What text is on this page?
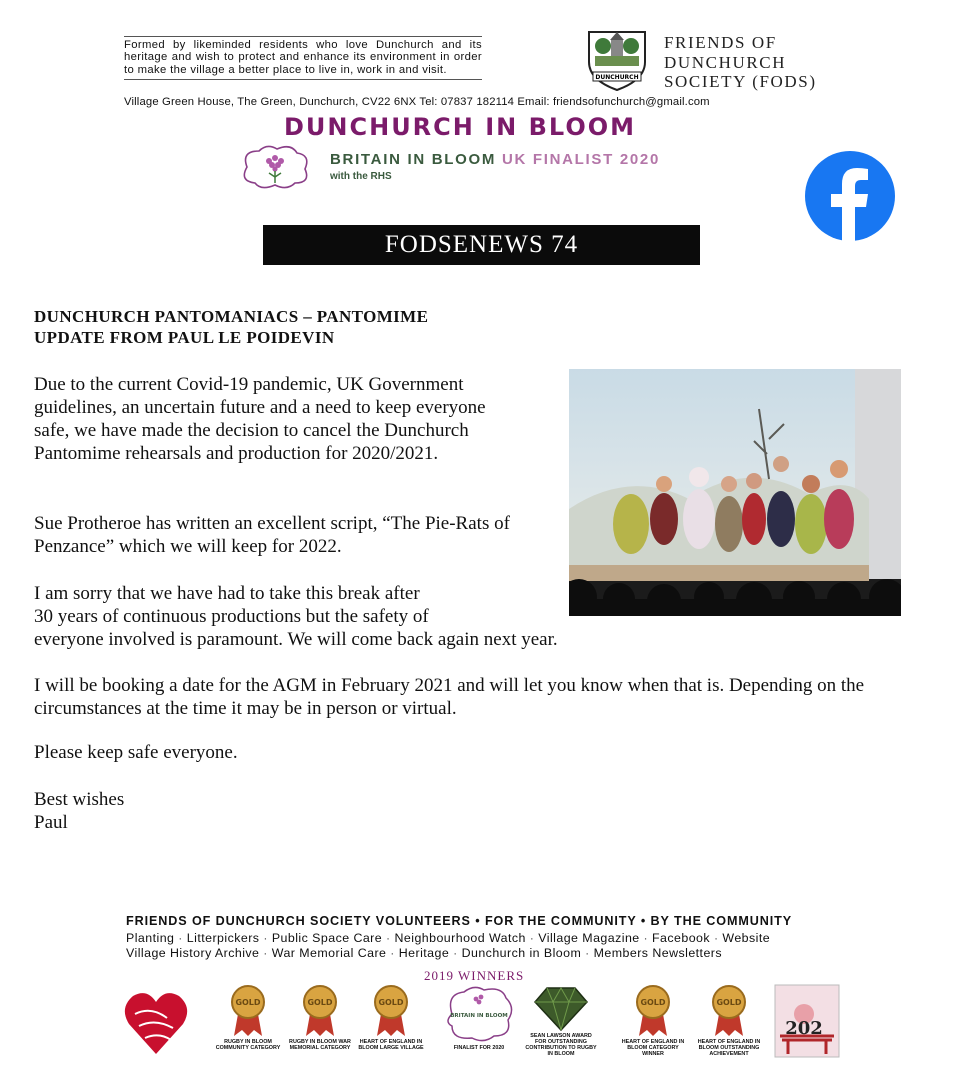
Formed by likeminded residents who love Dunchurch and its heritage and wish to protect and enhance its environment in order to make the village a better place to live in, work in and visit.
DUNCHURCH
FRIENDS OF
DUNCHURCH
SOCIETY (FODS)
Village Green House, The Green, Dunchurch, CV22 6NX Tel: 07837 182114 Email: friendsofunchurch@gmail.com
DUNCHURCH IN BLOOM
BRITAIN IN BLOOM UK FINALIST 2020
with the RHS
FODSENEWS 74
DUNCHURCH PANTOMANIACS – PANTOMIME
UPDATE FROM PAUL LE POIDEVIN

Due to the current Covid-19 pandemic, UK Government guidelines, an uncertain future and a need to keep everyone safe, we have made the decision to cancel the Dunchurch Pantomime rehearsals and production for 2020/2021.

Sue Protheroe has written an excellent script, “The Pie-Rats of Penzance” which we will keep for 2022.

I am sorry that we have had to take this break after
30 years of continuous productions but the safety of
everyone involved is paramount. We will come back again next year.

I will be booking a date for the AGM in February 2021 and will let you know when that is. Depending on the circumstances at the time it may be in person or virtual.

Please keep safe everyone.

Best wishes
Paul
FRIENDS OF DUNCHURCH SOCIETY VOLUNTEERS • FOR THE COMMUNITY • BY THE COMMUNITY
Planting · Litterpickers · Public Space Care · Neighbourhood Watch · Village Magazine · Facebook · Website
Village History Archive · War Memorial Care · Heritage · Dunchurch in Bloom · Members Newsletters
2019 WINNERS
GOLD
RUGBY IN BLOOM COMMUNITY CATEGORY
GOLD
RUGBY IN BLOOM WAR MEMORIAL CATEGORY
GOLD
HEART OF ENGLAND IN BLOOM LARGE VILLAGE
BRITAIN IN BLOOM
FINALIST FOR 2020
SEAN LAWSON AWARD FOR OUTSTANDING CONTRIBUTION TO RUGBY IN BLOOM
GOLD
HEART OF ENGLAND IN BLOOM CATEGORY WINNER
GOLD
HEART OF ENGLAND IN BLOOM OUTSTANDING ACHIEVEMENT
202
